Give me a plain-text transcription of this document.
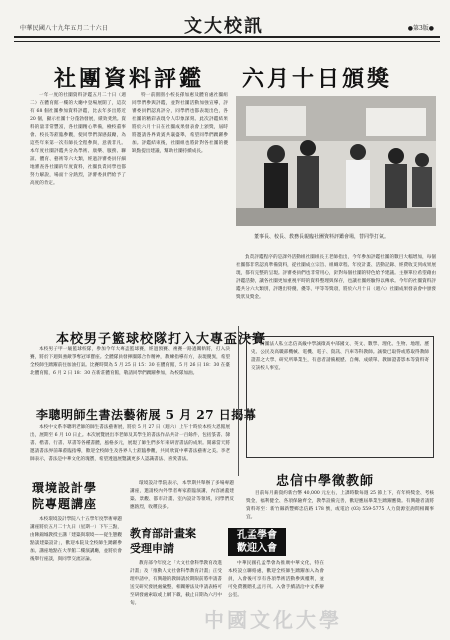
中華民國八十九年五月二十六日	文大校訊	●第3版●
社團資料評鑑 六月十日頒獎

一年一度的社團資料評鑑五月二十日（週二）在體育館一樓的大廳中登場展開了，這次有 68 個社團參加資料評鑑，比去年多出將近 20 個，顯示社團十分蓬勃發展，績效斐然。資料的量非常豐富，各社團精心準備，檢校董事會、校長等蒞臨參觀，使同學們深感鼓勵，為這些年來第一次有師長全程參與，意義非凡。本年度社團評鑑共分為學術、康樂、服務、聯誼、體育、藝術等六大類，經過評審委員仔細地審查各社團的年度資料，社團負責同學也都努力解說，場面十分熱烈，評審委員們給予了高度的肯定。

特一前園園小校長孫加惠及體育處社團組同學們參與評鑑，並對社團活動加強宣導，評審委員們認真評分，同學們也都表現出色，各社團的精彩表現令人印象深刻。此次評鑑結果將於六月十日在社團成果發表會上頒獎，屆時將邀請各界貴賓共襄盛舉，希望同學們踴躍參加。評鑑結束後，社團組也將針對各社團的優缺點提出建議，幫助社團持續成長。

董事長、校長、教務長親臨社團資料評鑑會場，替同學打氣。

負責評鑑程序的是課外活動組社團組長王老師指出，今年參加評鑑社團的數目大幅增加，每個社團都非常認真準備資料，從社團成立宗旨、組織章程、年度計畫、活動記錄、經費收支到成果展現，都有完整的呈現。評審委員們也非常用心，針對每個社團的特色給予建議。主辦單位希望藉由評鑑活動，讓各社團更加重視平時的資料整理與保存，也讓社團經驗得以傳承。今年的社團資料評鑑共分六大類別，評選出特優、優等、甲等等獎項，將於六月十日（週六）社團成果發表會中頒發獎狀及獎金。

本校男子籃球校隊打入大專盃決賽

本校男子甲一級籃球校隊，參加今年大專盃籃球賽，經過預賽、複賽一路過關斬將，打入決賽，將於下週與強敵爭奪冠軍寶座。全體隊員發揮團隊合作精神，教練指導有方，表現優異，希望全校師生踴躍前往加油打氣。比賽時間為 5 月 25 日 15：30 在體育館，5 月 26 日 18：30 在臺北體育館，6 月 2 日 18：30 在新莊體育館，敬請同學們踴躍參加，為校隊加油。

李聰明師生書法藝術展 5 月 27 日揭幕

本校中文系李聰明老師的師生書法藝術展，將於 5 月 27 日（週六）上午十時於本校大恩館展出，展期至 6 月 10 日止。本次展覽展出李老師及其學生的書法作品共計一百餘件，包括篆書、隸書、楷書、行書、草書等各種書體，風格多元，展現了師生們多年來研習書法的成果。開幕當天將邀請書法界前輩蒞臨指導，歡迎全校師生及各界人士蒞臨參觀，共同欣賞中華書法藝術之美。李老師表示，書法是中華文化的瑰寶，希望透過展覽讓更多人認識書法、喜愛書法。

環境設計學
院專題講座

本校環境設計學院八十五學年度學術專題講座將於五月二十九日（星期一）下午三點，由陳錦城教授主講「建築與環境——從生態觀點談建築設計」，歡迎本院及全校師生踴躍參加。講座地點在大孝館二樓演講廳，並將於會後舉行座談，與同學交流討論。

環境設計學院表示，本學期共舉辦了多場專題講座，邀請校內外學者專家蒞臨演講，內容涵蓋建築、景觀、都市計畫、室內設計等領域，同學們反應熱烈，收穫良多。

教育部計畫案
受理申請

教育部今年度之「大文社會科學教育改進計畫」及「推動人文社會科學教育計畫」正受理申請中，有興趣的教師請於期限前將申請書送交研究發展處彙整，相關辦法及申請表格可至研發處索取或上網下載，截止日期為六月中旬。

孔孟學會
歡迎入會

中華民國孔孟學會為推廣中華文化，特在本校設立聯絡處，歡迎全校師生踴躍加入為會員，入會後可享有各項學術活動參與權利，並可免費獲贈孔孟月刊。入會手續請洽中文系辦公室。

財團法人私立忠信高級中學誠徵高中部國文、英文、數學、理化、生物、地理、歷史、公民及高職部機械、電機、電子、資訊、汽車等科教師。誠徵已取得或將取得教師證書之大學、研究所畢業生，有意者請備履歷、自傳、成績單、教師證書影本等資料寄交該校人事室。

忠信中學徵教師

目前每月薪資約新台幣 40,000 元左右，上課時數每週 25 節上下，有年終獎金、考核獎金，福利健全、各項保險齊全，教學設備完善，歡迎應屆畢業生踴躍應徵。有興趣者請將資料寄至：新竹縣新豐鄉忠信路 178 號，或電洽 (03) 559-5775 人力資源室詢問相關事宜。

中國文化大學
